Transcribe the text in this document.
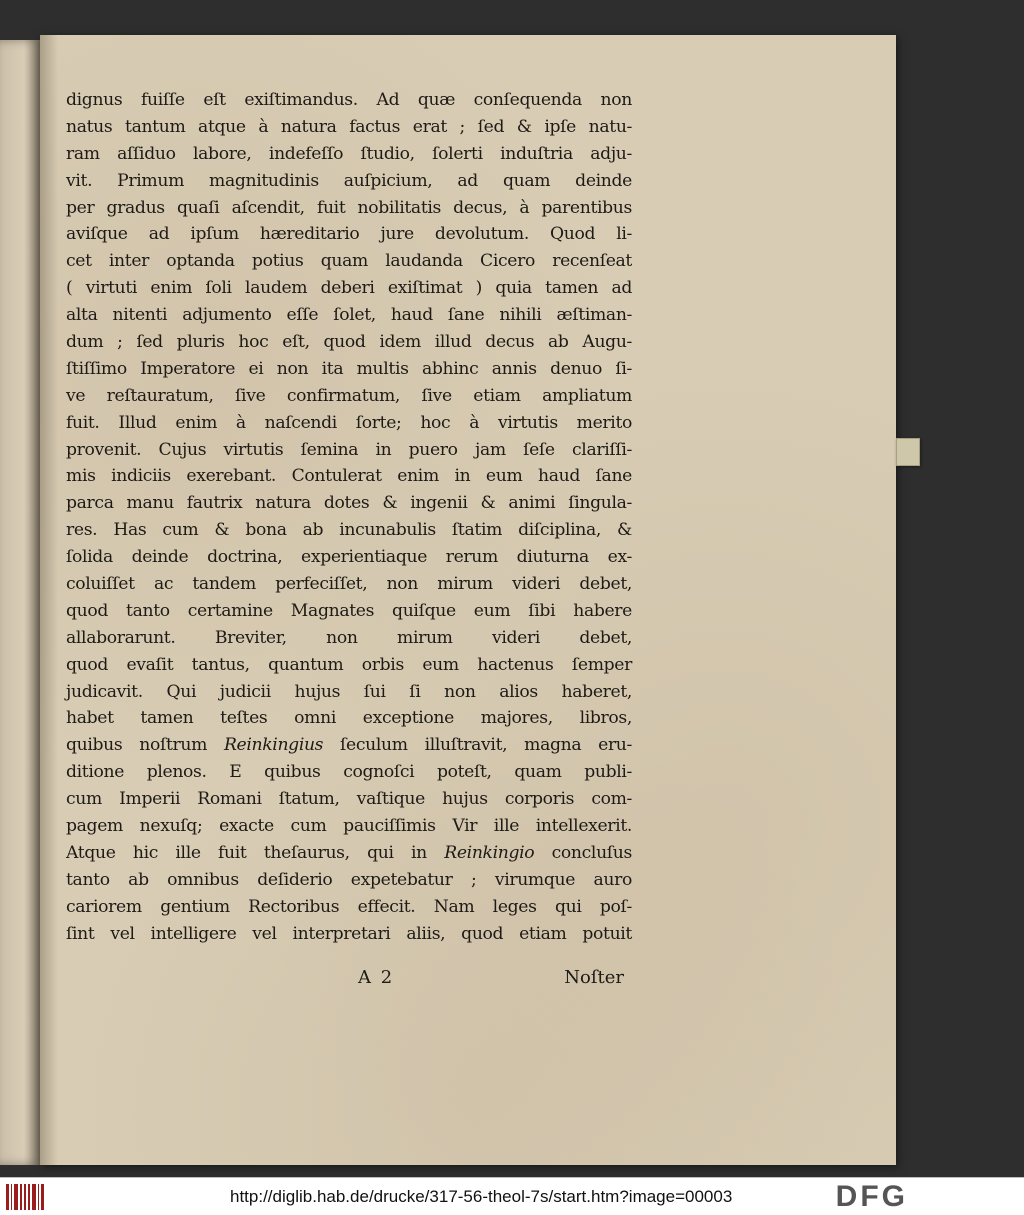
dignus fuiſſe eſt exiſtimandus. Ad quæ conſequenda non
natus tantum atque à natura factus erat ; ſed & ipſe natu-
ram aſſiduo labore, indefeſſo ſtudio, ſolerti induſtria adju-
vit. Primum magnitudinis auſpicium, ad quam deinde
per gradus quaſi aſcendit, fuit nobilitatis decus, à parentibus
aviſque ad ipſum hæreditario jure devolutum. Quod li-
cet inter optanda potius quam laudanda Cicero recenſeat
( virtuti enim ſoli laudem deberi exiſtimat ) quia tamen ad
alta nitenti adjumento eſſe ſolet, haud ſane nihili æſtiman-
dum ; ſed pluris hoc eſt, quod idem illud decus ab Augu-
ſtiſſimo Imperatore ei non ita multis abhinc annis denuo ſi-
ve reſtauratum, ſive confirmatum, ſive etiam ampliatum
fuit. Illud enim à naſcendi ſorte; hoc à virtutis merito
provenit. Cujus virtutis ſemina in puero jam ſeſe clariſſi-
mis indiciis exerebant. Contulerat enim in eum haud ſane
parca manu fautrix natura dotes & ingenii & animi ſingula-
res. Has cum & bona ab incunabulis ſtatim diſciplina, &
ſolida deinde doctrina, experientiaque rerum diuturna ex-
coluiſſet ac tandem perfeciſſet, non mirum videri debet,
quod tanto certamine Magnates quiſque eum ſibi habere
allaborarunt. Breviter, non mirum videri debet,
quod evaſit tantus, quantum orbis eum hactenus ſemper
judicavit. Qui judicii hujus ſui ſi non alios haberet,
habet tamen teſtes omni exceptione majores, libros,
quibus noſtrum Reinkingius ſeculum illuſtravit, magna eru-
ditione plenos. E quibus cognoſci poteſt, quam publi-
cum Imperii Romani ſtatum, vaſtique hujus corporis com-
pagem nexuſq; exacte cum pauciſſimis Vir ille intellexerit.
Atque hic ille fuit theſaurus, qui in Reinkingio concluſus
tanto ab omnibus deſiderio expetebatur ; virumque auro
cariorem gentium Rectoribus effecit. Nam leges qui poſ-
ſint vel intelligere vel interpretari aliis, quod etiam potuit
A 2	Noſter
http://diglib.hab.de/drucke/317-56-theol-7s/start.htm?image=00003	DFG
